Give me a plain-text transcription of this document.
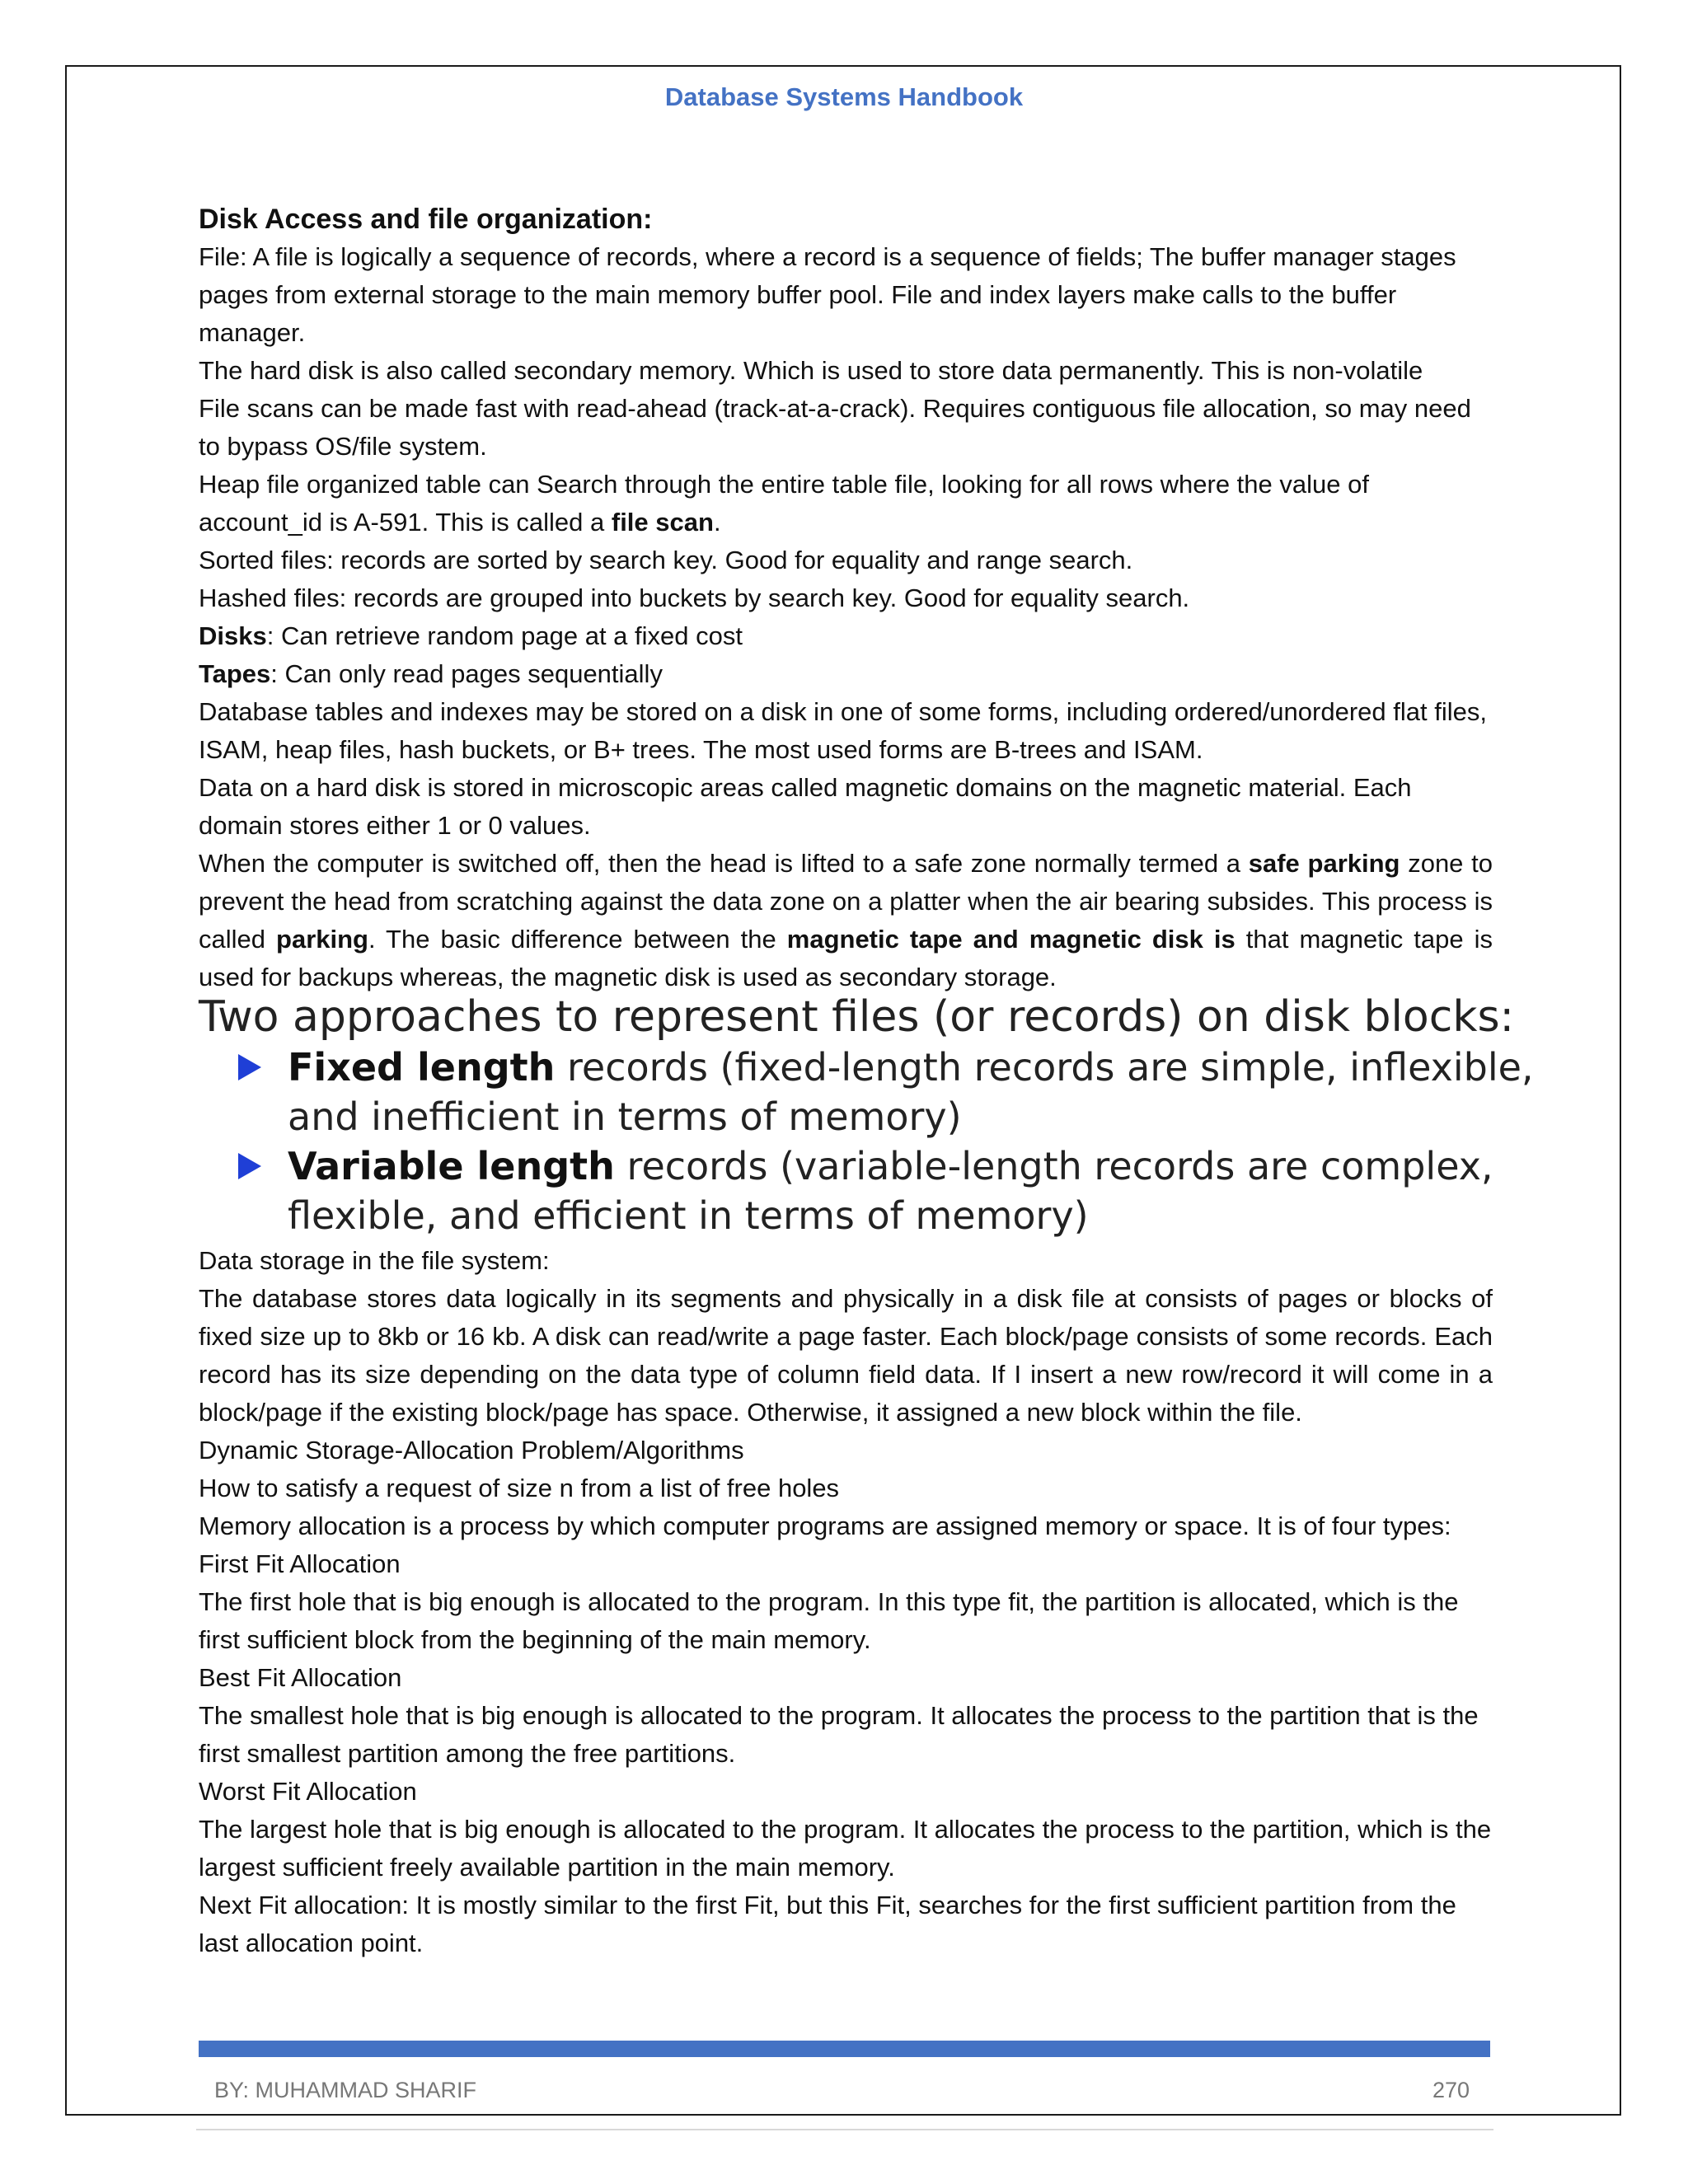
Database Systems Handbook
Disk Access and file organization:

File: A file is logically a sequence of records, where a record is a sequence of fields; The buffer manager stages pages from external storage to the main memory buffer pool. File and index layers make calls to the buffer manager.

The hard disk is also called secondary memory. Which is used to store data permanently. This is non-volatile

File scans can be made fast with read-ahead (track-at-a-crack). Requires contiguous file allocation, so may need to bypass OS/file system.

Heap file organized table can Search through the entire table file, looking for all rows where the value of account_id is A-591. This is called a file scan.

Sorted files: records are sorted by search key. Good for equality and range search.

Hashed files: records are grouped into buckets by search key. Good for equality search.

Disks: Can retrieve random page at a fixed cost

Tapes: Can only read pages sequentially

Database tables and indexes may be stored on a disk in one of some forms, including ordered/unordered flat files, ISAM, heap files, hash buckets, or B+ trees. The most used forms are B-trees and ISAM.

Data on a hard disk is stored in microscopic areas called magnetic domains on the magnetic material. Each domain stores either 1 or 0 values.

When the computer is switched off, then the head is lifted to a safe zone normally termed a safe parking zone to prevent the head from scratching against the data zone on a platter when the air bearing subsides. This process is called parking. The basic difference between the magnetic tape and magnetic disk is that magnetic tape is used for backups whereas, the magnetic disk is used as secondary storage.

Two approaches to represent files (or records) on disk blocks:

Fixed length records (fixed-length records are simple, inflexible, and inefficient in terms of memory)
Variable length records (variable-length records are complex, flexible, and efficient in terms of memory)

Data storage in the file system:

The database stores data logically in its segments and physically in a disk file at consists of pages or blocks of fixed size up to 8kb or 16 kb. A disk can read/write a page faster. Each block/page consists of some records. Each record has its size depending on the data type of column field data. If I insert a new row/record it will come in a block/page if the existing block/page has space. Otherwise, it assigned a new block within the file.

Dynamic Storage-Allocation Problem/Algorithms

How to satisfy a request of size n from a list of free holes

Memory allocation is a process by which computer programs are assigned memory or space. It is of four types:

First Fit Allocation

The first hole that is big enough is allocated to the program. In this type fit, the partition is allocated, which is the first sufficient block from the beginning of the main memory.

Best Fit Allocation

The smallest hole that is big enough is allocated to the program. It allocates the process to the partition that is the first smallest partition among the free partitions.

Worst Fit Allocation

The largest hole that is big enough is allocated to the program. It allocates the process to the partition, which is the largest sufficient freely available partition in the main memory.

Next Fit allocation: It is mostly similar to the first Fit, but this Fit, searches for the first sufficient partition from the last allocation point.

BY: MUHAMMAD SHARIF	270
